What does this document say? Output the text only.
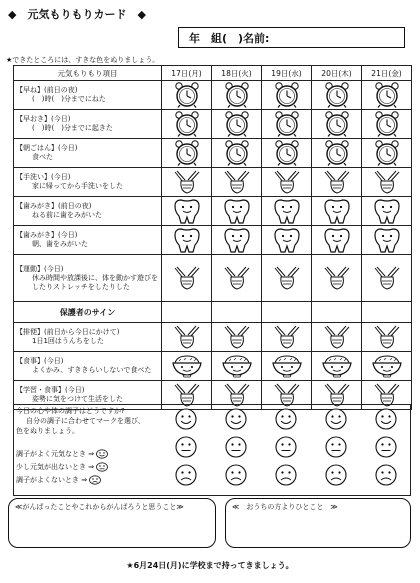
◆　元気もりもりカード　◆
年　組(　)名前:
★できたところには、すきな色をぬりましょう。
元気もりもり項目	17日(月)	18日(火)	19日(水)	20日(木)	21日(金)

【早ね】(前日の夜)
(　)時(　)分までにねた

【早おき】(今日)
(　)時(　)分までに起きた

【朝ごはん】(今日)
食べた

【手洗い】(今日)
家に帰ってから手洗いをした

【歯みがき】(前日の夜)
ねる前に歯をみがいた

【歯みがき】(今日)
朝、歯をみがいた

【運動】(今日)
休み時間や放課後に、体を動かす遊びをしたりストレッチをしたりした

保護者のサイン					
【排便】(前日から今日にかけて)
1日1回はうんちをした

【食事】(今日)
よくかみ、すききらいしないで食べた

【学習・食事】(今日)
姿勢に気をつけて生活をした

今日の心や体の調子はどうですか?
自分の調子に合わせてマークを選び、
色をぬりましょう。
調子がよく元気なとき ⇒
少し元気が出ないとき ⇒
調子がよくないとき ⇒
≪がんばったことやこれからがんばろうと思うこと≫	≪　おうちの方よりひとこと　≫
★6月24日(月)に学校まで持ってきましょう。
